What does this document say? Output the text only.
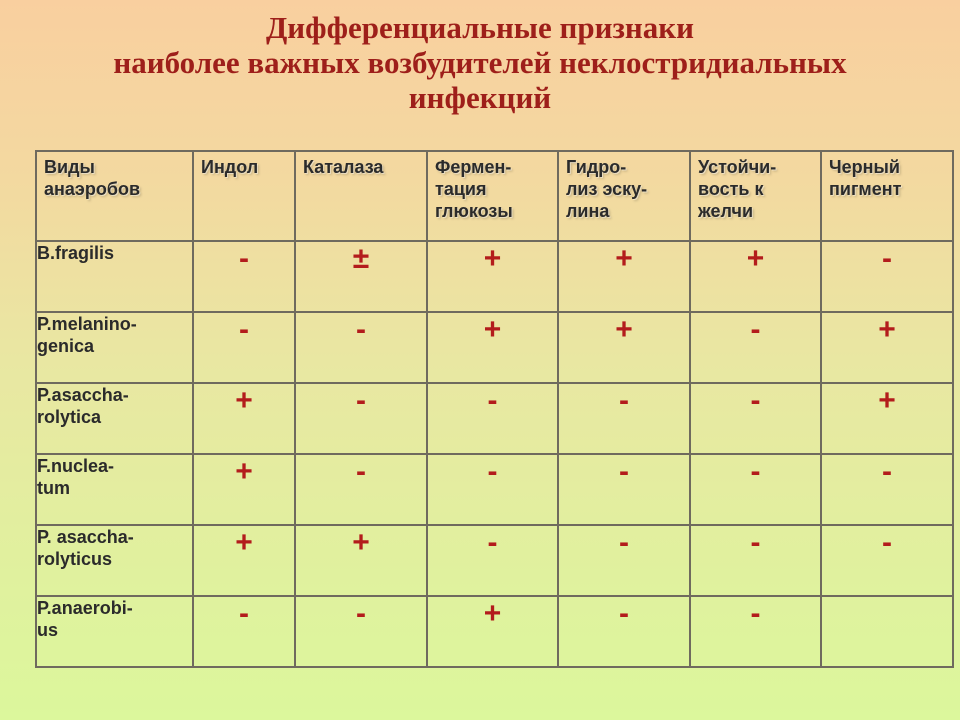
Дифференциальные признаки
наиболее важных возбудителей неклостридиальных
инфекций
Виды
анаэробов	Индол	Каталаза	Фермен-
тация
глюкозы	Гидро-
лиз эску-
лина	Устойчи-
вость к
желчи	Черный
пигмент
B.fragilis	-	±	+	+	+	-
P.melanino-
genica	-	-	+	+	-	+
P.asaccha-
rolytica	+	-	-	-	-	+
F.nuclea-
tum	+	-	-	-	-	-
P. asaccha-
rolyticus	+	+	-	-	-	-
P.anaerobi-
us	-	-	+	-	-	
